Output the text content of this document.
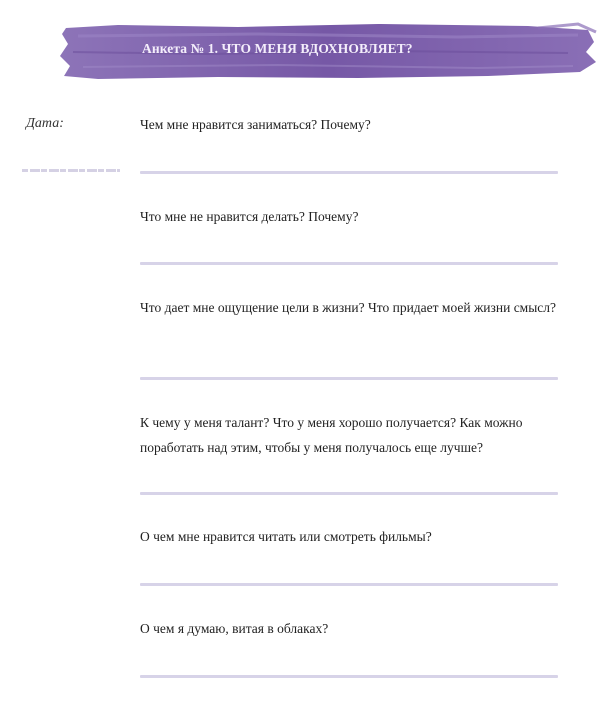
Анкета № 1. ЧТО МЕНЯ ВДОХНОВЛЯЕТ?
Дата:	Чем мне нравится заниматься? Почему?
Что мне не нравится делать? Почему?
Что дает мне ощущение цели в жизни? Что придает моей жизни смысл?
К чему у меня талант? Что у меня хорошо получается? Как можно поработать над этим, чтобы у меня получалось еще лучше?
О чем мне нравится читать или смотреть фильмы?
О чем я думаю, витая в облаках?
